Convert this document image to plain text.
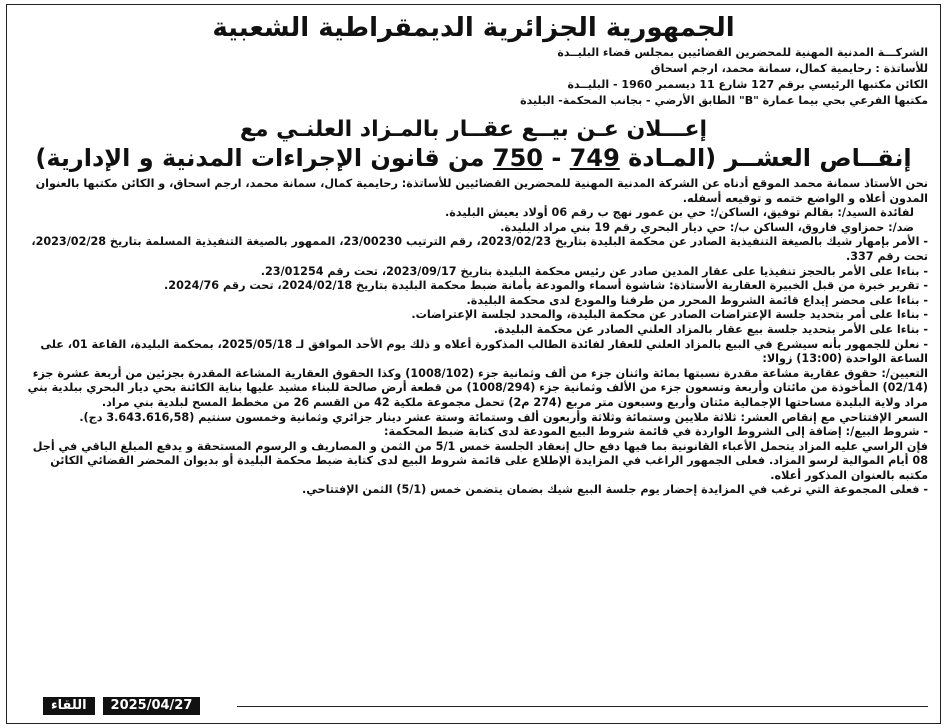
الجمهورية الجزائرية الديمقراطية الشعبية
الشركـــة المدنية المهنية للمحضرين القضائيين بمجلس قضاء البليــدة
للأساتذة : رحايمية كمال، سمانة محمد، ارجم اسحاق
الكائن مكتبها الرئيسي برقم 127 شارع 11 ديسمبر 1960 - البليــدة
مكتبها الفرعي بحي بيما عمارة "B" الطابق الأرضي - بجانب المحكمة- البليدة
إعـــلان عـن بيــع عقــار بالمـزاد العلنـي مع
إنقــاص العشــر (المـادة 749 - 750 من قانون الإجراءات المدنية و الإدارية)

نحن الأستاذ سمانة محمد الموقع أدناه عن الشركة المدنية المهنية للمحضرين القضائيين للأساتذة: رحايمية كمال، سمانة محمد، ارجم اسحاق، و الكائن مكتبها بالعنوان المدون أعلاه و الواضع ختمه و توقيعه أسفله.

لفائدة السيد/: بقالم توفيق، الساكن/: حي بن عمور نهج ب رقم 06 أولاد يعيش البليدة.

ضد/: حمزاوي فاروق، الساكن ب/: حي ديار البحري رقم 19 بني مراد البليدة.

- الأمر بإمهار شيك بالصيغة التنفيذية الصادر عن محكمة البليدة بتاريخ 2023/02/23، رقم الترتيب 23/00230، الممهور بالصيغة التنفيذية المسلمة بتاريخ 2023/02/28، تحت رقم 337.

- بناءا على الأمر بالحجز تنفيذيا على عقار المدين صادر عن رئيس محكمة البليدة بتاريخ 2023/09/17، تحت رقم 23/01254.

- تقرير خبرة من قبل الخبيرة العقارية الأستاذة: شاشوة أسماء والمودعة بأمانة ضبط محكمة البليدة بتاريخ 2024/02/18، تحت رقم 2024/76.

- بناءا على محضر إيداع قائمة الشروط المحرر من طرفنا والمودع لدى محكمة البليدة.

- بناءا على أمر بتحديد جلسة الإعتراضات الصادر عن محكمة البليدة، والمحدد لجلسة الإعتراضات.

- بناءا على الأمر بتحديد جلسة بيع عقار بالمزاد العلني الصادر عن محكمة البليدة.

- نعلن للجمهور بأنه سيشرع في البيع بالمزاد العلني للعقار لفائدة الطالب المذكورة أعلاه و ذلك يوم الأحد الموافق لـ 2025/05/18، بمحكمة البليدة، القاعة 01، على الساعة الواحدة (13:00) زوالا:

التعيين/: حقوق عقارية مشاعة مقدرة نسبتها بمائة واثنان جزء من ألف وثمانية جزء (1008/102) وكذا الحقوق العقارية المشاعة المقدرة بجزئين من أربعة عشرة جزء (02/14) المأخوذة من مائتان وأربعة وتسعون جزء من الألف وثمانية جزء (1008/294) من قطعة أرض صالحة للبناء مشيد عليها بناية الكائنة بحي ديار البحري ببلدية بني مراد ولاية البليدة مساحتها الإجمالية مئتان وأربع وسبعون متر مربع (274 م2) تحمل مجموعة ملكية 42 من القسم 26 من مخطط المسح لبلدية بني مراد.

السعر الإفتتاحي مع إنقاص العشر: ثلاثة ملايين وستمائة وثلاثة وأربعون ألف وستمائة وستة عشر دينار جزائري وثمانية وخمسون سنتيم (3.643.616,58 دج).

- شروط البيع/: إضافة إلى الشروط الواردة في قائمة شروط البيع المودعة لدى كتابة ضبط المحكمة:

فإن الراسي عليه المزاد يتحمل الأعباء القانونية بما فيها دفع حال إنعقاد الجلسة خمس 5/1 من الثمن و المصاريف و الرسوم المستحقة و يدفع المبلغ الباقي في أجل 08 أيام الموالية لرسو المزاد. فعلى الجمهور الراغب في المزايدة الإطلاع على قائمة شروط البيع لدى كتابة ضبط محكمة البليدة أو بديوان المحضر القضائي الكائن مكتبه بالعنوان المذكور أعلاه.

- فعلى المجموعة التي ترغب في المزايدة إحضار يوم جلسة البيع شيك بضمان يتضمن خمس (5/1) الثمن الإفتتاحي.

اللقاء	2025/04/27
